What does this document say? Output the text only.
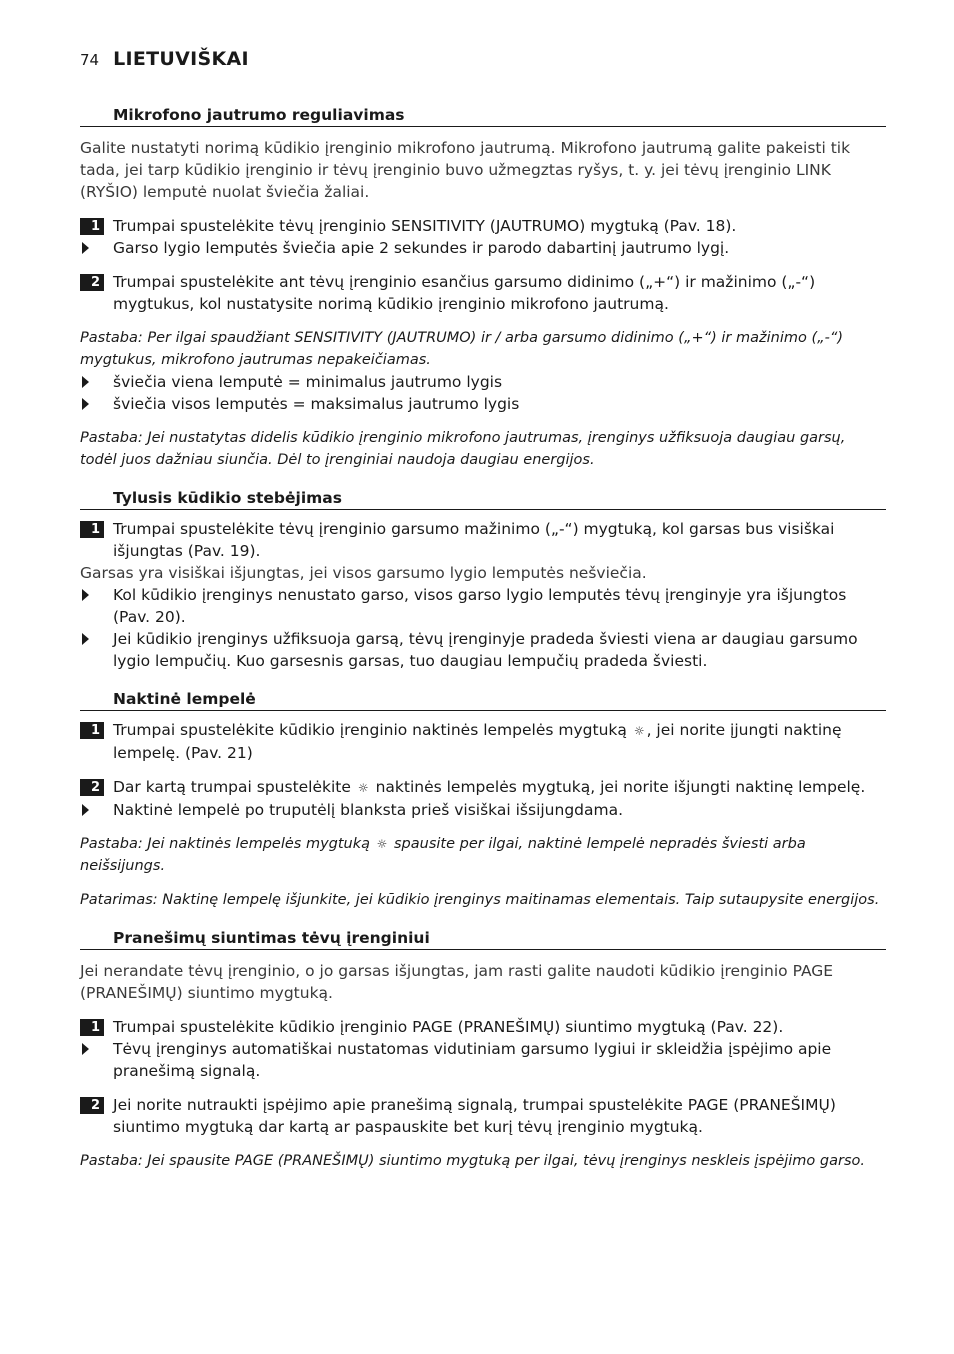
74 LIETUVIŠKAI
Mikrofono jautrumo reguliavimas

Galite nustatyti norimą kūdikio įrenginio mikrofono jautrumą. Mikrofono jautrumą galite pakeisti tik tada, jei tarp kūdikio įrenginio ir tėvų įrenginio buvo užmegztas ryšys, t. y. jei tėvų įrenginio LINK (RYŠIO) lemputė nuolat šviečia žaliai.

1 Trumpai spustelėkite tėvų įrenginio SENSITIVITY (JAUTRUMO) mygtuką (Pav. 18).
Garso lygio lemputės šviečia apie 2 sekundes ir parodo dabartinį jautrumo lygį.
2 Trumpai spustelėkite ant tėvų įrenginio esančius garsumo didinimo („+“) ir mažinimo („-“) mygtukus, kol nustatysite norimą kūdikio įrenginio mikrofono jautrumą.

Pastaba: Per ilgai spaudžiant SENSITIVITY (JAUTRUMO) ir / arba garsumo didinimo („+“) ir mažinimo („-“) mygtukus, mikrofono jautrumas nepakeičiamas.

šviečia viena lemputė = minimalus jautrumo lygis
šviečia visos lemputės = maksimalus jautrumo lygis

Pastaba: Jei nustatytas didelis kūdikio įrenginio mikrofono jautrumas, įrenginys užfiksuoja daugiau garsų, todėl juos dažniau siunčia. Dėl to įrenginiai naudoja daugiau energijos.

Tylusis kūdikio stebėjimas
1 Trumpai spustelėkite tėvų įrenginio garsumo mažinimo („-“) mygtuką, kol garsas bus visiškai išjungtas (Pav. 19).

Garsas yra visiškai išjungtas, jei visos garsumo lygio lemputės nešviečia.

Kol kūdikio įrenginys nenustato garso, visos garso lygio lemputės tėvų įrenginyje yra išjungtos (Pav. 20).
Jei kūdikio įrenginys užfiksuoja garsą, tėvų įrenginyje pradeda šviesti viena ar daugiau garsumo lygio lempučių. Kuo garsesnis garsas, tuo daugiau lempučių pradeda šviesti.
Naktinė lempelė
1 Trumpai spustelėkite kūdikio įrenginio naktinės lempelės mygtuką ☼ , jei norite įjungti naktinę lempelę. (Pav. 21)
2 Dar kartą trumpai spustelėkite ☼ naktinės lempelės mygtuką, jei norite išjungti naktinę lempelę.
Naktinė lempelė po truputėlį blanksta prieš visiškai išsijungdama.

Pastaba: Jei naktinės lempelės mygtuką ☼ spausite per ilgai, naktinė lempelė nepradės šviesti arba neišsijungs.

Patarimas: Naktinę lempelę išjunkite, jei kūdikio įrenginys maitinamas elementais. Taip sutaupysite energijos.

Pranešimų siuntimas tėvų įrenginiui

Jei nerandate tėvų įrenginio, o jo garsas išjungtas, jam rasti galite naudoti kūdikio įrenginio PAGE (PRANEŠIMŲ) siuntimo mygtuką.

1 Trumpai spustelėkite kūdikio įrenginio PAGE (PRANEŠIMŲ) siuntimo mygtuką (Pav. 22).
Tėvų įrenginys automatiškai nustatomas vidutiniam garsumo lygiui ir skleidžia įspėjimo apie pranešimą signalą.
2 Jei norite nutraukti įspėjimo apie pranešimą signalą, trumpai spustelėkite PAGE (PRANEŠIMŲ) siuntimo mygtuką dar kartą ar paspauskite bet kurį tėvų įrenginio mygtuką.

Pastaba: Jei spausite PAGE (PRANEŠIMŲ) siuntimo mygtuką per ilgai, tėvų įrenginys neskleis įspėjimo garso.
